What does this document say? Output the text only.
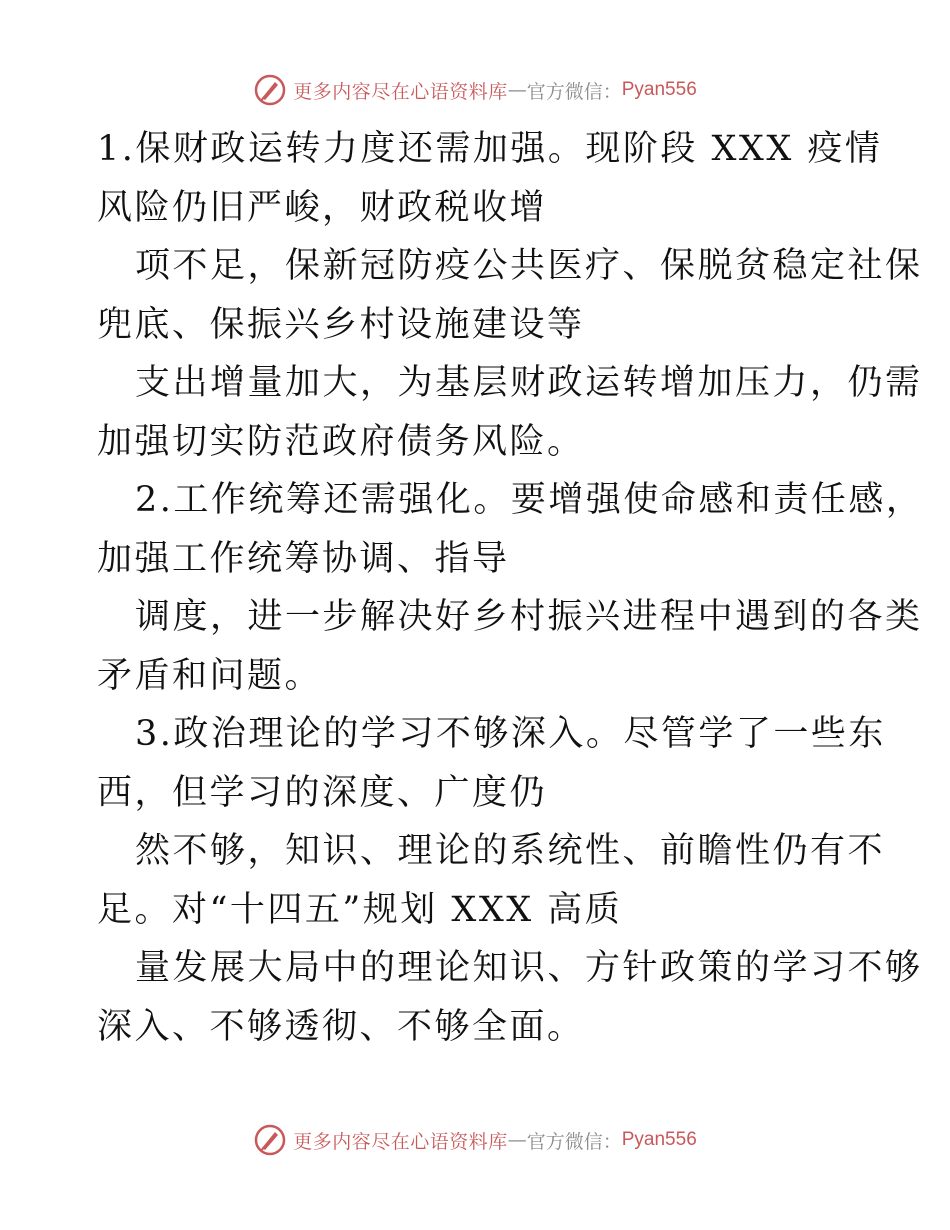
更多内容尽在心语资料库 — 官方微信： Pyan556
1.保财政运转力度还需加强。现阶段 XXX 疫情
风险仍旧严峻，财政税收增
项不足，保新冠防疫公共医疗、保脱贫稳定社保
兜底、保振兴乡村设施建设等
支出增量加大，为基层财政运转增加压力，仍需
加强切实防范政府债务风险。
2.工作统筹还需强化。要增强使命感和责任感，
加强工作统筹协调、指导
调度，进一步解决好乡村振兴进程中遇到的各类
矛盾和问题。
3.政治理论的学习不够深入。尽管学了一些东
西，但学习的深度、广度仍
然不够，知识、理论的系统性、前瞻性仍有不
足。对“十四五”规划 XXX 高质
量发展大局中的理论知识、方针政策的学习不够
深入、不够透彻、不够全面。
更多内容尽在心语资料库 — 官方微信： Pyan556
